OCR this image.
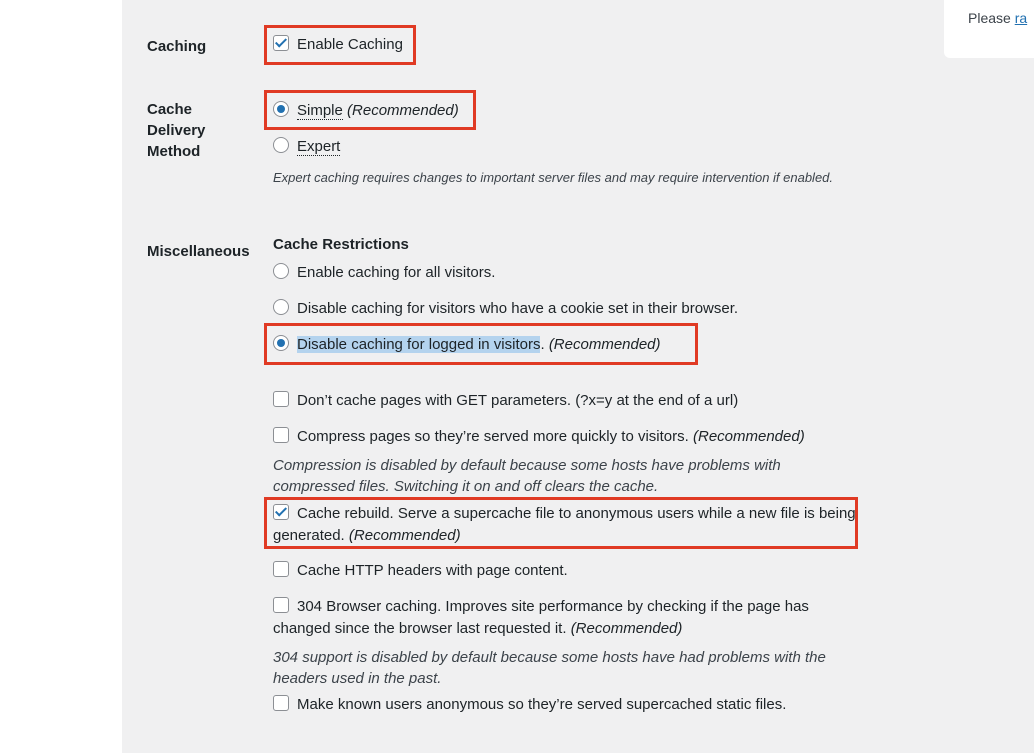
Please ra
Caching
Cache
Delivery
Method
Miscellaneous
Enable Caching
Simple (Recommended)
Expert
Expert caching requires changes to important server files and may require intervention if enabled.
Cache Restrictions
Enable caching for all visitors.
Disable caching for visitors who have a cookie set in their browser.
Disable caching for logged in visitors. (Recommended)
Don’t cache pages with GET parameters. (?x=y at the end of a url)
Compress pages so they’re served more quickly to visitors. (Recommended)
Compression is disabled by default because some hosts have problems with compressed files. Switching it on and off clears the cache.
Cache rebuild. Serve a supercache file to anonymous users while a new file is being generated. (Recommended)
Cache HTTP headers with page content.
304 Browser caching. Improves site performance by checking if the page has changed since the browser last requested it. (Recommended)
304 support is disabled by default because some hosts have had problems with the headers used in the past.
Make known users anonymous so they’re served supercached static files.
